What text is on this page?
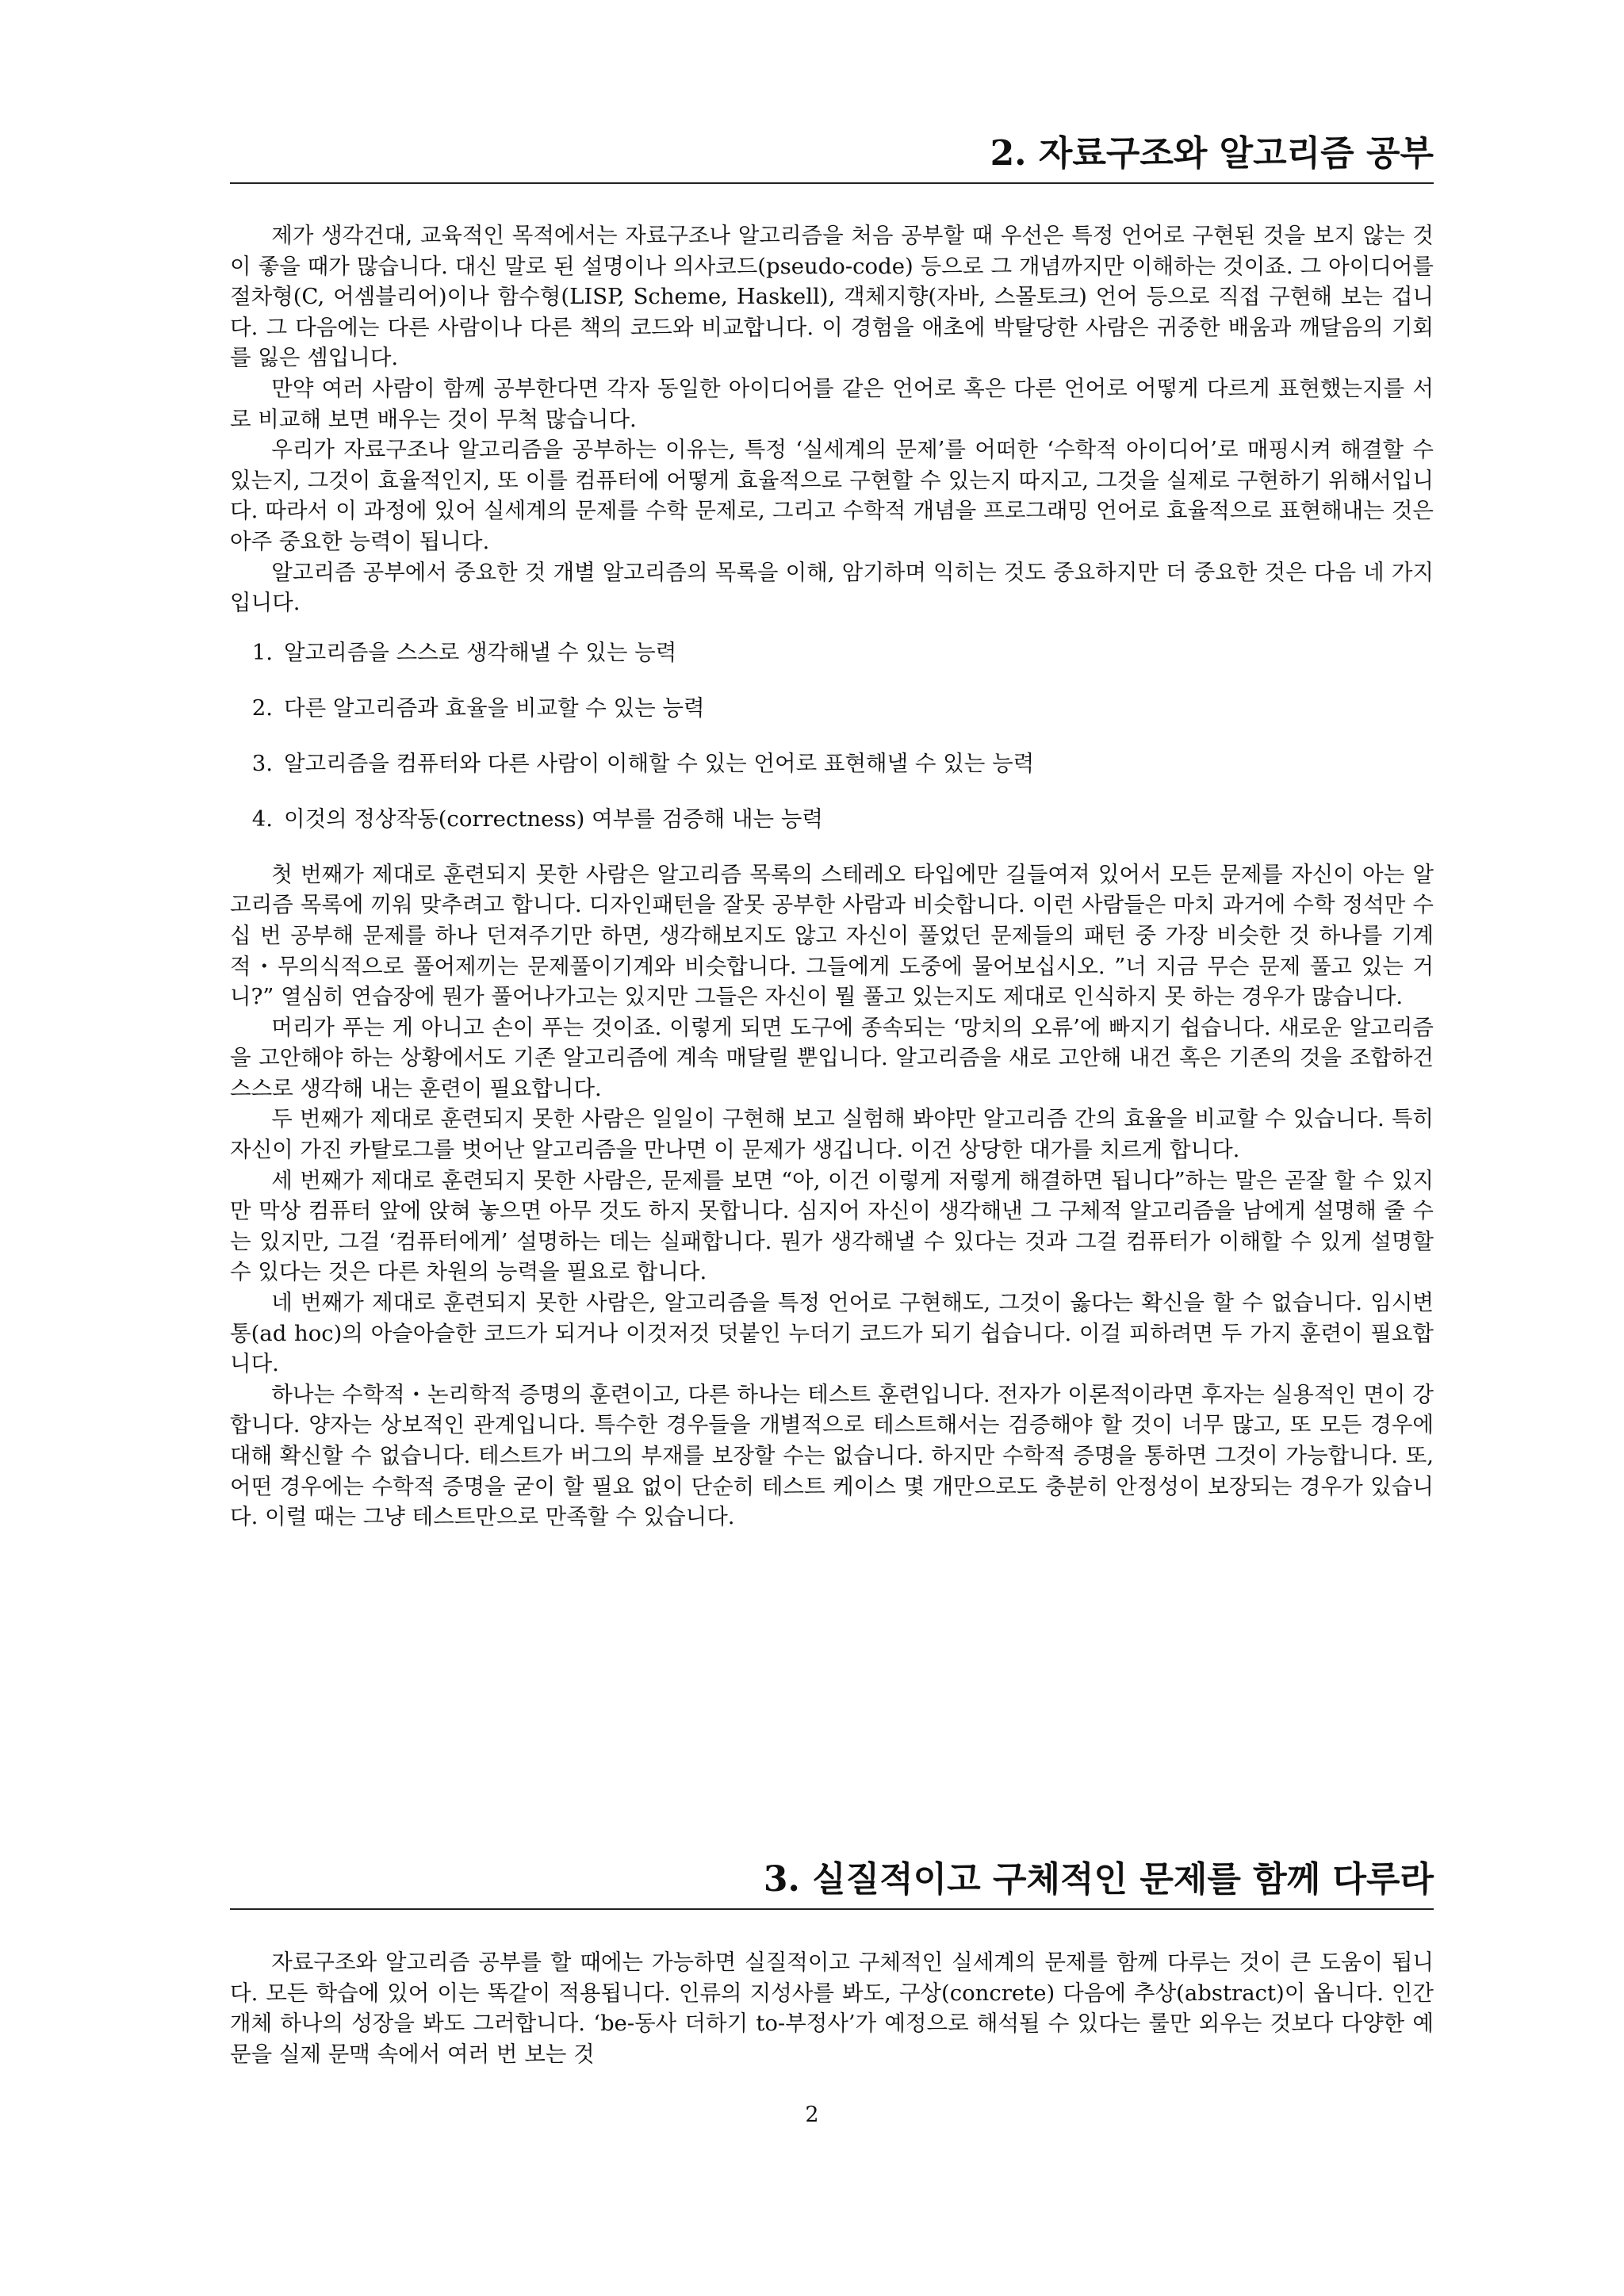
2. 자료구조와 알고리즘 공부

제가 생각건대, 교육적인 목적에서는 자료구조나 알고리즘을 처음 공부할 때 우선은 특정 언어로 구현된 것을 보지 않는 것이 좋을 때가 많습니다. 대신 말로 된 설명이나 의사코드(pseudo-code) 등으로 그 개념까지만 이해하는 것이죠. 그 아이디어를 절차형(C, 어셈블리어)이나 함수형(LISP, Scheme, Haskell), 객체지향(자바, 스몰토크) 언어 등으로 직접 구현해 보는 겁니다. 그 다음에는 다른 사람이나 다른 책의 코드와 비교합니다. 이 경험을 애초에 박탈당한 사람은 귀중한 배움과 깨달음의 기회를 잃은 셈입니다.

만약 여러 사람이 함께 공부한다면 각자 동일한 아이디어를 같은 언어로 혹은 다른 언어로 어떻게 다르게 표현했는지를 서로 비교해 보면 배우는 것이 무척 많습니다.

우리가 자료구조나 알고리즘을 공부하는 이유는, 특정 ‘실세계의 문제’를 어떠한 ‘수학적 아이디어’로 매핑시켜 해결할 수 있는지, 그것이 효율적인지, 또 이를 컴퓨터에 어떻게 효율적으로 구현할 수 있는지 따지고, 그것을 실제로 구현하기 위해서입니다. 따라서 이 과정에 있어 실세계의 문제를 수학 문제로, 그리고 수학적 개념을 프로그래밍 언어로 효율적으로 표현해내는 것은 아주 중요한 능력이 됩니다.

알고리즘 공부에서 중요한 것 개별 알고리즘의 목록을 이해, 암기하며 익히는 것도 중요하지만 더 중요한 것은 다음 네 가지입니다.

1. 알고리즘을 스스로 생각해낼 수 있는 능력
2. 다른 알고리즘과 효율을 비교할 수 있는 능력
3. 알고리즘을 컴퓨터와 다른 사람이 이해할 수 있는 언어로 표현해낼 수 있는 능력
4. 이것의 정상작동(correctness) 여부를 검증해 내는 능력

첫 번째가 제대로 훈련되지 못한 사람은 알고리즘 목록의 스테레오 타입에만 길들여져 있어서 모든 문제를 자신이 아는 알고리즘 목록에 끼워 맞추려고 합니다. 디자인패턴을 잘못 공부한 사람과 비슷합니다. 이런 사람들은 마치 과거에 수학 정석만 수십 번 공부해 문제를 하나 던져주기만 하면, 생각해보지도 않고 자신이 풀었던 문제들의 패턴 중 가장 비슷한 것 하나를 기계적・무의식적으로 풀어제끼는 문제풀이기계와 비슷합니다. 그들에게 도중에 물어보십시오. ”너 지금 무슨 문제 풀고 있는 거니?” 열심히 연습장에 뭔가 풀어나가고는 있지만 그들은 자신이 뭘 풀고 있는지도 제대로 인식하지 못 하는 경우가 많습니다.

머리가 푸는 게 아니고 손이 푸는 것이죠. 이렇게 되면 도구에 종속되는 ‘망치의 오류’에 빠지기 쉽습니다. 새로운 알고리즘을 고안해야 하는 상황에서도 기존 알고리즘에 계속 매달릴 뿐입니다. 알고리즘을 새로 고안해 내건 혹은 기존의 것을 조합하건 스스로 생각해 내는 훈련이 필요합니다.

두 번째가 제대로 훈련되지 못한 사람은 일일이 구현해 보고 실험해 봐야만 알고리즘 간의 효율을 비교할 수 있습니다. 특히 자신이 가진 카탈로그를 벗어난 알고리즘을 만나면 이 문제가 생깁니다. 이건 상당한 대가를 치르게 합니다.

세 번째가 제대로 훈련되지 못한 사람은, 문제를 보면 “아, 이건 이렇게 저렇게 해결하면 됩니다”하는 말은 곧잘 할 수 있지만 막상 컴퓨터 앞에 앉혀 놓으면 아무 것도 하지 못합니다. 심지어 자신이 생각해낸 그 구체적 알고리즘을 남에게 설명해 줄 수는 있지만, 그걸 ‘컴퓨터에게’ 설명하는 데는 실패합니다. 뭔가 생각해낼 수 있다는 것과 그걸 컴퓨터가 이해할 수 있게 설명할 수 있다는 것은 다른 차원의 능력을 필요로 합니다.

네 번째가 제대로 훈련되지 못한 사람은, 알고리즘을 특정 언어로 구현해도, 그것이 옳다는 확신을 할 수 없습니다. 임시변통(ad hoc)의 아슬아슬한 코드가 되거나 이것저것 덧붙인 누더기 코드가 되기 쉽습니다. 이걸 피하려면 두 가지 훈련이 필요합니다.

하나는 수학적・논리학적 증명의 훈련이고, 다른 하나는 테스트 훈련입니다. 전자가 이론적이라면 후자는 실용적인 면이 강합니다. 양자는 상보적인 관계입니다. 특수한 경우들을 개별적으로 테스트해서는 검증해야 할 것이 너무 많고, 또 모든 경우에 대해 확신할 수 없습니다. 테스트가 버그의 부재를 보장할 수는 없습니다. 하지만 수학적 증명을 통하면 그것이 가능합니다. 또, 어떤 경우에는 수학적 증명을 굳이 할 필요 없이 단순히 테스트 케이스 몇 개만으로도 충분히 안정성이 보장되는 경우가 있습니다. 이럴 때는 그냥 테스트만으로 만족할 수 있습니다.

3. 실질적이고 구체적인 문제를 함께 다루라

자료구조와 알고리즘 공부를 할 때에는 가능하면 실질적이고 구체적인 실세계의 문제를 함께 다루는 것이 큰 도움이 됩니다. 모든 학습에 있어 이는 똑같이 적용됩니다. 인류의 지성사를 봐도, 구상(concrete) 다음에 추상(abstract)이 옵니다. 인간 개체 하나의 성장을 봐도 그러합니다. ‘be-동사 더하기 to-부정사’가 예정으로 해석될 수 있다는 룰만 외우는 것보다 다양한 예문을 실제 문맥 속에서 여러 번 보는 것

2
